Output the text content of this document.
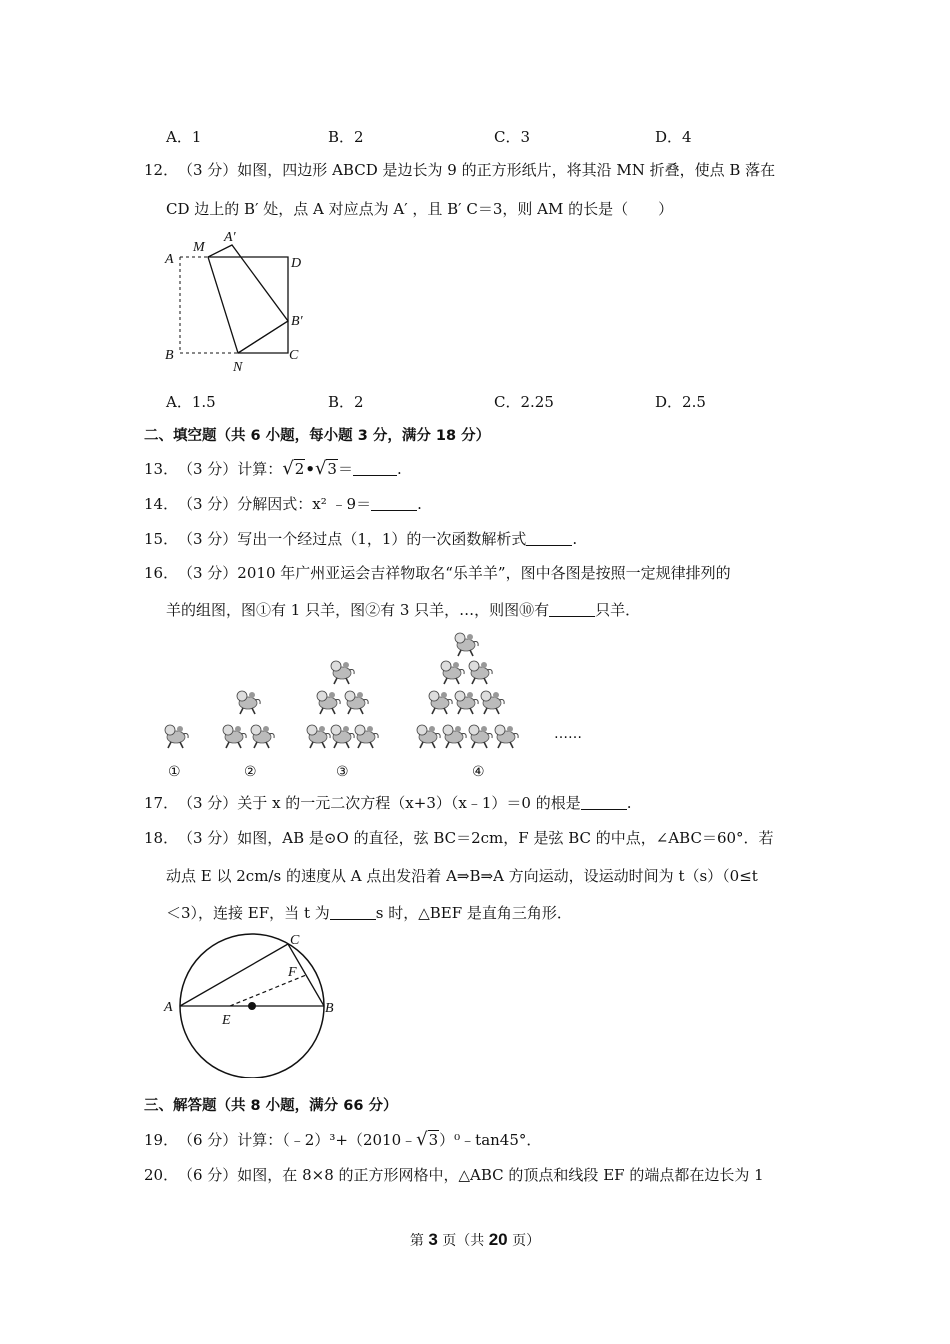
A．1	B．2	C．3	D．4
12． （3 分）如图，四边形 ABCD 是边长为 9 的正方形纸片，将其沿 MN 折叠，使点 B 落在
CD 边上的 B′ 处，点 A 对应点为 A′ ，且 B′ C＝3，则 AM 的长是（　　）
M
A′
A	D
B′
B
N
C
A．1.5	B．2	C．2.25	D．2.5
二、填空题（共 6 小题，每小题 3 分，满分 18 分）
13． （3 分）计算：√2•√3＝	.
14． （3 分）分解因式：x² ﹣9＝	.
15． （3 分）写出一个经过点（1，1）的一次函数解析式	.
16． （3 分）2010 年广州亚运会吉祥物取名“乐羊羊”，图中各图是按照一定规律排列的
羊的组图，图①有 1 只羊，图②有 3 只羊，…，则图⑩有	只羊．
……
①	②	③	④
17． （3 分）关于 x 的一元二次方程（x+3）（x﹣1）＝0 的根是	.
18． （3 分）如图，AB 是⊙O 的直径，弦 BC＝2cm，F 是弦 BC 的中点，∠ABC＝60°．若
动点 E 以 2cm/s 的速度从 A 点出发沿着 A⇒B⇒A 方向运动，设运动时间为 t（s）（0≤t
＜3），连接 EF，当 t 为	s 时，△BEF 是直角三角形．
A	B
C
F
E
三、解答题（共 8 小题，满分 66 分）
19． （6 分）计算：（﹣2）³+（2010﹣√3）⁰﹣tan45°．
20． （6 分）如图，在 8×8 的正方形网格中，△ABC 的顶点和线段 EF 的端点都在边长为 1
第 3 页（共 20 页）
